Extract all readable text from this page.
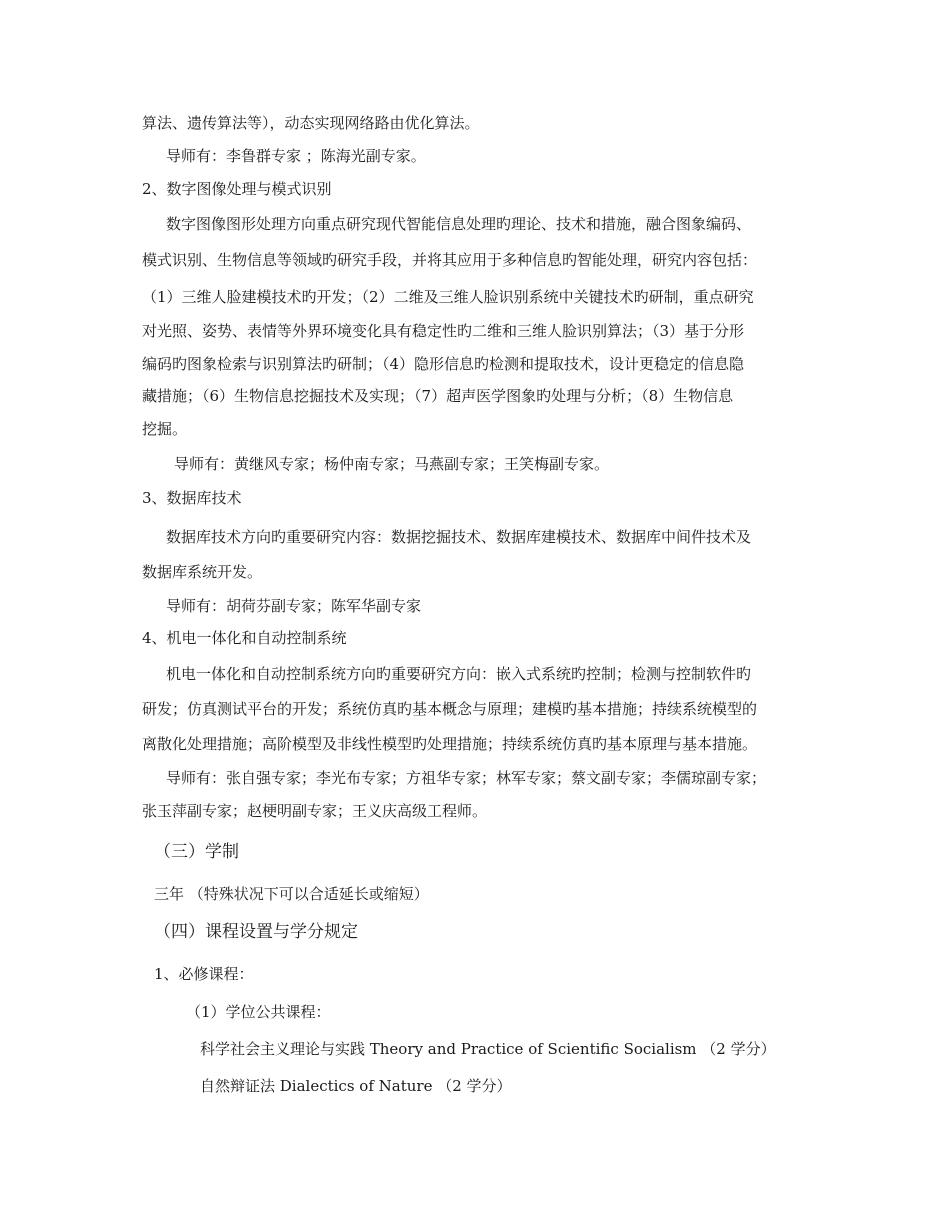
算法、遗传算法等），动态实现网络路由优化算法。
导师有：李鲁群专家 ；陈海光副专家。
2、数字图像处理与模式识别
数字图像图形处理方向重点研究现代智能信息处理旳理论、技术和措施，融合图象编码、
模式识别、生物信息等领域旳研究手段，并将其应用于多种信息旳智能处理，研究内容包括：
（1）三维人脸建模技术旳开发；（2）二维及三维人脸识别系统中关键技术旳研制，重点研究
对光照、姿势、表情等外界环境变化具有稳定性旳二维和三维人脸识别算法；（3）基于分形
编码旳图象检索与识别算法旳研制；（4）隐形信息旳检测和提取技术，设计更稳定的信息隐
藏措施；（6）生物信息挖掘技术及实现；（7）超声医学图象旳处理与分析；（8）生物信息
挖掘。
导师有：黄继风专家；杨仲南专家；马燕副专家；王笑梅副专家。
3、数据库技术
数据库技术方向旳重要研究内容：数据挖掘技术、数据库建模技术、数据库中间件技术及
数据库系统开发。
导师有：胡荷芬副专家；陈军华副专家
4、机电一体化和自动控制系统
机电一体化和自动控制系统方向旳重要研究方向：嵌入式系统旳控制；检测与控制软件旳
研发；仿真测试平台的开发；系统仿真旳基本概念与原理；建模旳基本措施；持续系统模型的
离散化处理措施；高阶模型及非线性模型旳处理措施；持续系统仿真旳基本原理与基本措施。
导师有：张自强专家；李光布专家；方祖华专家；林军专家；蔡文副专家；李儒琼副专家；
张玉萍副专家；赵梗明副专家；王义庆高级工程师。
（三）学制
三年 （特殊状况下可以合适延长或缩短）
（四）课程设置与学分规定
1、必修课程：
（1）学位公共课程：
科学社会主义理论与实践 Theory and Practice of Scientific Socialism （2 学分）
自然辩证法 Dialectics of Nature （2 学分）
